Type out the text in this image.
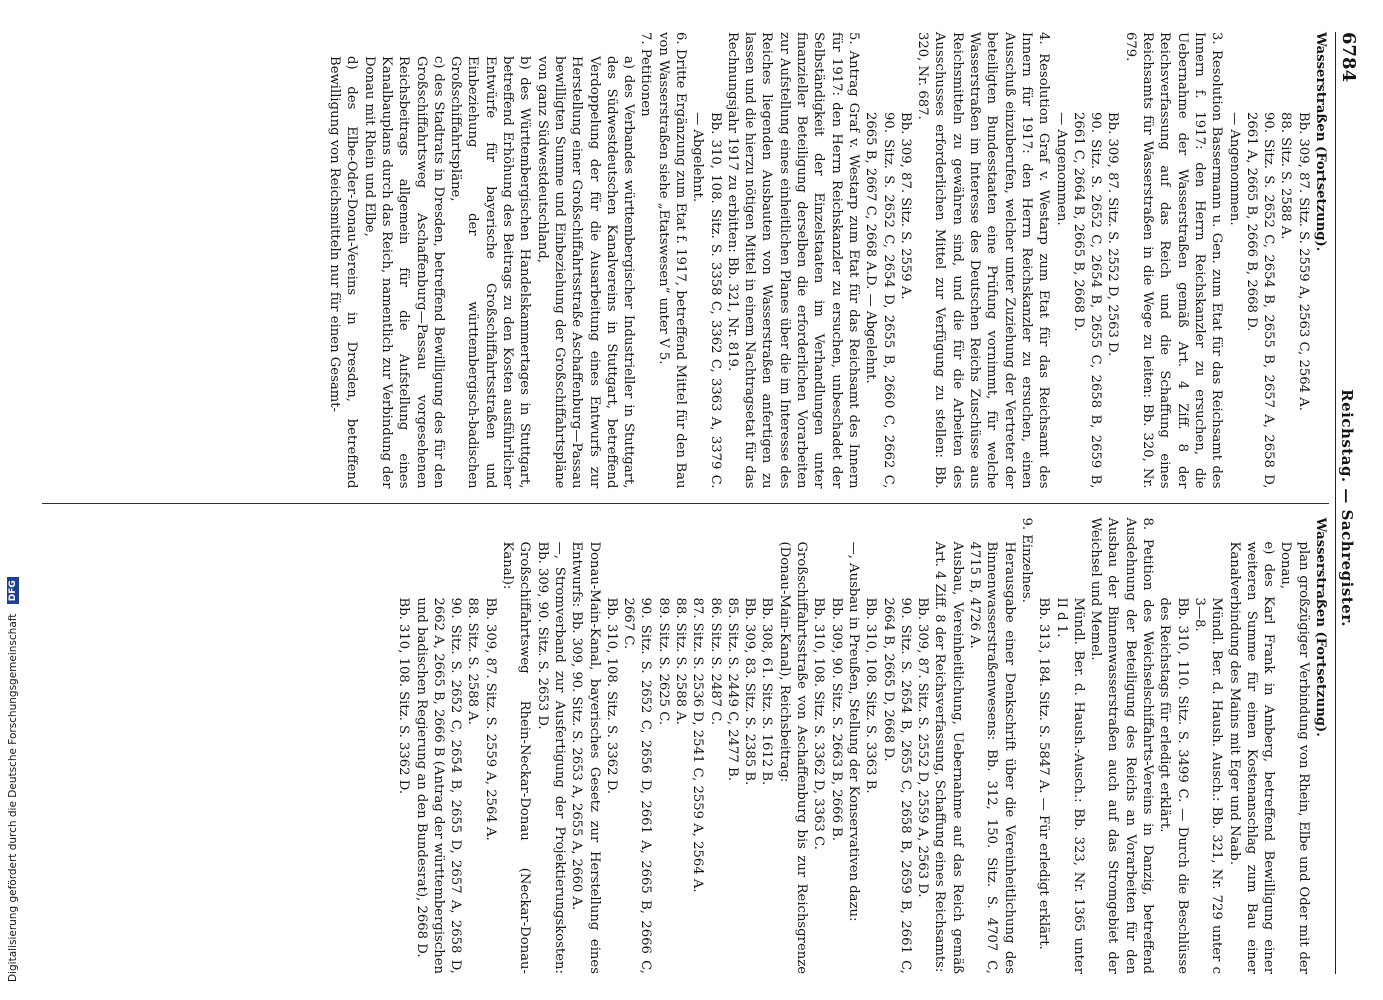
Digitalisierung gefördert durch die Deutsche Forschungsgemeinschaft DFG
6784
Reichstag. — Sachregister.

Wasserstraßen (Fortsetzung).

Bb. 309, 87. Sitz. S. 2559 A, 2563 C, 2564 A.

88. Sitz. S. 2588 A.

90. Sitz. S. 2652 C, 2654 B, 2655 B, 2657 A, 2658 D, 2661 A, 2665 B, 2666 B, 2668 D.

— Angenommen.

3. Resolution Bassermann u. Gen. zum Etat für das Reichsamt des Innern f. 1917: den Herrn Reichskanzler zu ersuchen, die Uebernahme der Wasserstraßen gemäß Art. 4 Ziff. 8 der Reichsverfassung auf das Reich und die Schaffung eines Reichsamts für Wasserstraßen in die Wege zu leiten: Bb. 320, Nr. 679.

Bb. 309, 87. Sitz. S. 2552 D, 2563 D.

90. Sitz. S. 2652 C, 2654 B, 2655 C, 2658 B, 2659 B, 2661 C, 2664 B, 2665 B, 2668 D.

— Angenommen.

4. Resolution Graf v. Westarp zum Etat für das Reichsamt des Innern für 1917: den Herrn Reichskanzler zu ersuchen, einen Ausschuß einzuberufen, welcher unter Zuziehung der Vertreter der beteiligten Bundesstaaten eine Prüfung vornimmt, für welche Wasserstraßen im Interesse des Deutschen Reichs Zuschüsse aus Reichsmitteln zu gewähren sind, und die für die Arbeiten des Ausschusses erforderlichen Mittel zur Verfügung zu stellen: Bb. 320, Nr. 687.

Bb. 309, 87. Sitz. S. 2559 A.

90. Sitz. S. 2652 C, 2654 D, 2655 B, 2660 C, 2662 C, 2665 B, 2667 C, 2668 A.D. — Abgelehnt.

5. Antrag Graf v. Westarp zum Etat für das Reichsamt des Innern für 1917: den Herrn Reichskanzler zu ersuchen, unbeschadet der Selbständigkeit der Einzelstaaten im Verhandlungen unter finanzieller Beteiligung derselben die erforderlichen Vorarbeiten zur Aufstellung eines einheitlichen Planes über die im Interesse des Reiches liegenden Ausbauten von Wasserstraßen anfertigen zu lassen und die hierzu nötigen Mittel in einem Nachtragsetat für das Rechnungsjahr 1917 zu erbitten: Bb. 321, Nr. 819.

Bb. 310, 108. Sitz. S. 3358 C, 3362 C, 3363 A, 3379 C. — Abgelehnt.

6. Dritte Ergänzung zum Etat f. 1917, betreffend Mittel für den Bau von Wasserstraßen siehe „Etatswesen“ unter V 5.

7. Petitionen

a) des Verbandes württembergischer Industrieller in Stuttgart, des Südwestdeutschen Kanalvereins in Stuttgart, betreffend Verdoppelung der für die Ausarbeitung eines Entwurfs zur Herstellung einer Großschiffahrtsstraße Aschaffenburg—Passau bewilligten Summe und Einbeziehung der Großschiffahrtspläne von ganz Südwestdeutschland,

b) des Württembergischen Handelskammertages in Stuttgart, betreffend Erhöhung des Beitrags zu den Kosten ausführlicher Entwürfe für bayerische Großschiffahrtsstraßen und Einbeziehung der württembergisch-badischen Großschiffahrtspläne,

c) des Stadtrats in Dresden, betreffend Bewilligung des für den Großschiffahrtsweg Aschaffenburg—Passau vorgesehenen Reichsbeitrags allgemein für die Aufstellung eines Kanalbauplans durch das Reich, namentlich zur Verbindung der Donau mit Rhein und Elbe,

d) des Elbe-Oder-Donau-Vereins in Dresden, betreffend Bewilligung von Reichsmitteln nur für einen Gesamt-

Wasserstraßen (Fortsetzung).

plan großzügiger Verbindung von Rhein, Elbe und Oder mit der Donau,

e) des Karl Frank in Amberg, betreffend Bewilligung einer weiteren Summe für einen Kostenanschlag zum Bau einer Kanalverbindung des Mains mit Eger und Naab.

Mündl. Ber. d. Haush. Ausch.: Bb. 321, Nr. 729 unter c 3—8.

Bb. 310, 110. Sitz. S. 3499 C. — Durch die Beschlüsse des Reichstags für erledigt erklärt.

8. Petition des Weichselschiffahrts-Vereins in Danzig, betreffend Ausdehnung der Beteiligung des Reichs an Vorarbeiten für den Ausbau der Binnenwasserstraßen auch auf das Stromgebiet der Weichsel und Memel.

Mündl. Ber. d. Haush.-Ausch.: Bb. 323, Nr. 1365 unter II d 1.

Bb. 313, 184. Sitz. S. 5847 A. — Für erledigt erklärt.

9. Einzelnes.

Herausgabe einer Denkschrift über die Vereinheitlichung des Binnenwasserstraßenwesens: Bb. 312, 150. Sitz. S. 4707 C, 4715 B, 4726 A.

Ausbau, Vereinheitlichung, Uebernahme auf das Reich gemäß Art. 4 Ziff. 8 der Reichsverfassung, Schaffung eines Reichsamts:

Bb. 309, 87. Sitz. S. 2552 D, 2559 A, 2563 D.

90. Sitz. S. 2654 B, 2655 C, 2658 B, 2659 B, 2661 C, 2664 B, 2665 D, 2668 D.

Bb. 310, 108. Sitz. S. 3363 B.

—, Ausbau in Preußen, Stellung der Konservativen dazu:

Bb. 309, 90. Sitz. S. 2663 B, 2666 B.

Bb. 310, 108. Sitz. S. 3362 D, 3363 C.

Großschiffahrtsstraße von Aschaffenburg bis zur Reichsgrenze (Donau-Main-Kanal), Reichsbeitrag:

Bb. 308, 61. Sitz. S. 1612 B.

Bb. 309, 83. Sitz. S. 2385 B.

85. Sitz. S. 2449 C, 2477 B.

86. Sitz. S. 2487 C.

87. Sitz. S. 2536 D, 2541 C, 2559 A, 2564 A.

88. Sitz. S. 2588 A.

89. Sitz. S. 2625 C.

90. Sitz. S. 2652 C, 2656 D, 2661 A, 2665 B, 2666 C, 2667 C.

Bb. 310, 108. Sitz. S. 3362 D.

Donau-Main-Kanal, bayerisches Gesetz zur Herstellung eines Entwurfs: Bb. 309, 90. Sitz. S. 2653 A, 2655 A, 2660 A.

—, Stromverband zur Ausfertigung der Projektierungskosten: Bb. 309, 90. Sitz. S. 2653 D.

Großschiffahrtsweg Rhein-Neckar-Donau (Neckar-Donau-Kanal):

Bb. 309, 87. Sitz. S. 2559 A, 2564 A.

88. Sitz. S. 2588 A.

90. Sitz. S. 2652 C, 2654 B, 2655 D, 2657 A, 2658 D, 2662 A, 2665 B, 2666 B (Antrag der württembergischen und badischen Regierung an den Bundesrat), 2668 D.

Bb. 310, 108. Sitz. S. 3362 D.
